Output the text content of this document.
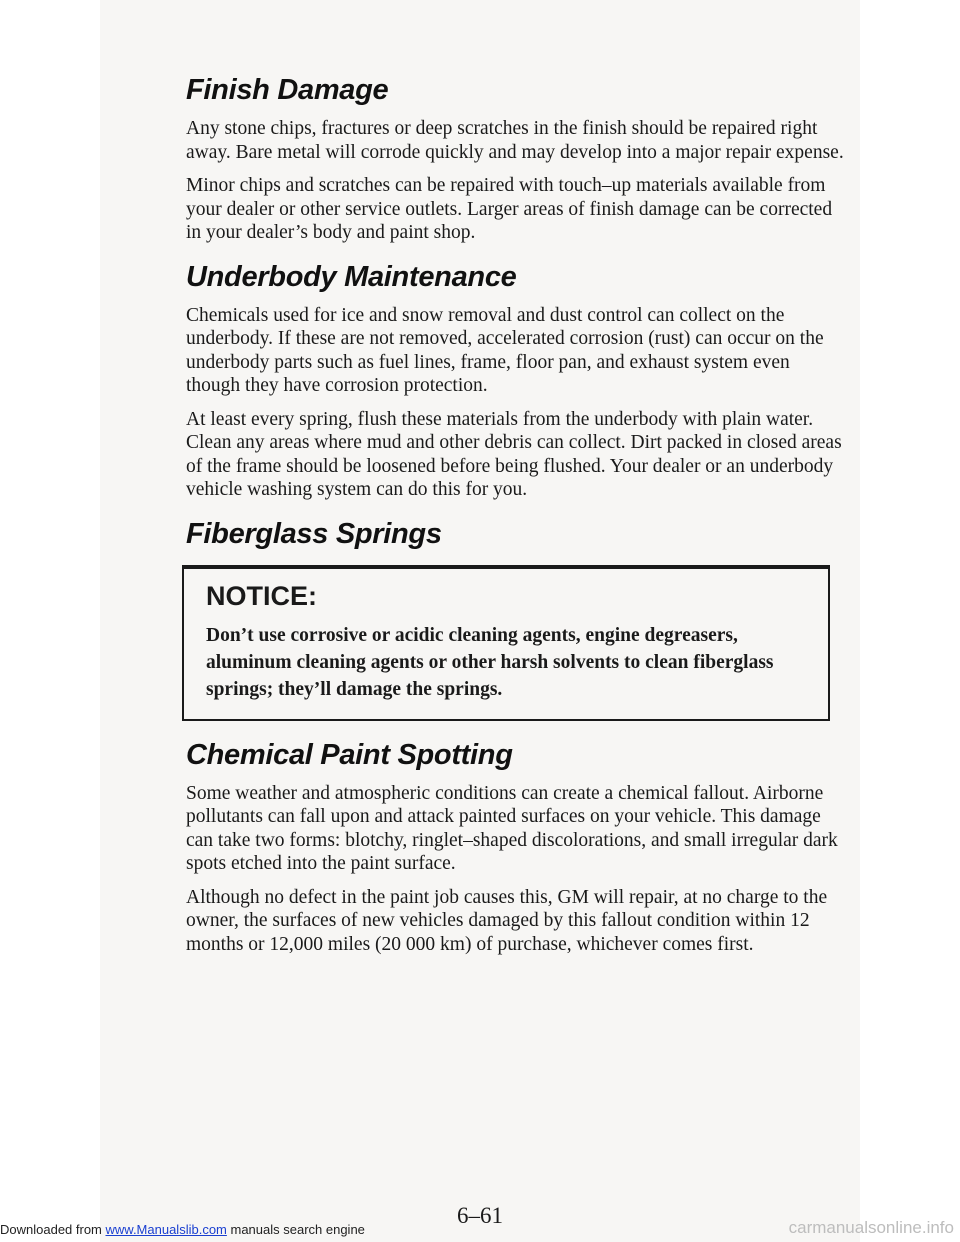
Finish Damage

Any stone chips, fractures or deep scratches in the finish should be repaired right away. Bare metal will corrode quickly and may develop into a major repair expense.

Minor chips and scratches can be repaired with touch–up materials available from your dealer or other service outlets. Larger areas of finish damage can be corrected in your dealer’s body and paint shop.

Underbody Maintenance

Chemicals used for ice and snow removal and dust control can collect on the underbody. If these are not removed, accelerated corrosion (rust) can occur on the underbody parts such as fuel lines, frame, floor pan, and exhaust system even though they have corrosion protection.

At least every spring, flush these materials from the underbody with plain water. Clean any areas where mud and other debris can collect. Dirt packed in closed areas of the frame should be loosened before being flushed. Your dealer or an underbody vehicle washing system can do this for you.

Fiberglass Springs
NOTICE:

Don’t use corrosive or acidic cleaning agents, engine degreasers, aluminum cleaning agents or other harsh solvents to clean fiberglass springs; they’ll damage the springs.

Chemical Paint Spotting

Some weather and atmospheric conditions can create a chemical fallout. Airborne pollutants can fall upon and attack painted surfaces on your vehicle. This damage can take two forms: blotchy, ringlet–shaped discolorations, and small irregular dark spots etched into the paint surface.

Although no defect in the paint job causes this, GM will repair, at no charge to the owner, the surfaces of new vehicles damaged by this fallout condition within 12 months or 12,000 miles (20 000 km) of purchase, whichever comes first.

6–61
Downloaded from www.Manualslib.com manuals search engine	carmanualsonline.info
